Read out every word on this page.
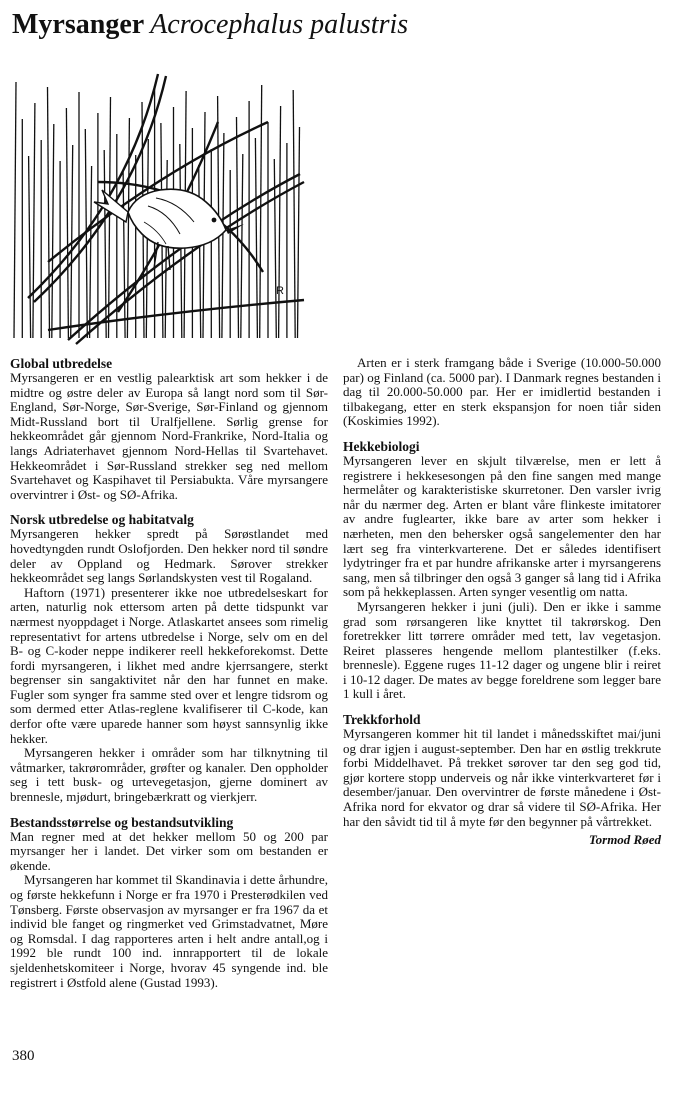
Myrsanger Acrocephalus palustris
R
Global utbredelse

Myrsangeren er en vestlig palearktisk art som hekker i de midtre og østre deler av Europa så langt nord som til Sør-England, Sør-Norge, Sør-Sverige, Sør-Finland og gjennom Midt-Russland bort til Uralfjellene. Sørlig grense for hekkeområdet går gjennom Nord-Frankrike, Nord-Italia og langs Adriaterhavet gjennom Nord-Hellas til Svartehavet. Hekkeområdet i Sør-Russland strekker seg ned mellom Svartehavet og Kaspihavet til Persiabukta. Våre myrsangere overvintrer i Øst- og SØ-Afrika.

Norsk utbredelse og habitatvalg

Myrsangeren hekker spredt på Sørøstlandet med hovedtyngden rundt Oslofjorden. Den hekker nord til søndre deler av Oppland og Hedmark. Sørover strekker hekkeområdet seg langs Sørlandskysten vest til Rogaland.

Haftorn (1971) presenterer ikke noe utbredelseskart for arten, naturlig nok ettersom arten på dette tidspunkt var nærmest nyoppdaget i Norge. Atlaskartet ansees som rimelig representativt for artens utbredelse i Norge, selv om en del B- og C-koder neppe indikerer reell hekkeforekomst. Dette fordi myrsangeren, i likhet med andre kjerrsangere, sterkt begrenser sin sangaktivitet når den har funnet en make. Fugler som synger fra samme sted over et lengre tidsrom og som dermed etter Atlas-reglene kvalifiserer til C-kode, kan derfor ofte være uparede hanner som høyst sannsynlig ikke hekker.

Myrsangeren hekker i områder som har tilknytning til våtmarker, takrørområder, grøfter og kanaler. Den oppholder seg i tett busk- og urtevegetasjon, gjerne dominert av brennesle, mjødurt, bringebærkratt og vierkjerr.

Bestandsstørrelse og bestandsutvikling

Man regner med at det hekker mellom 50 og 200 par myrsanger her i landet. Det virker som om bestanden er økende.

Myrsangeren har kommet til Skandinavia i dette århundre, og første hekkefunn i Norge er fra 1970 i Presterødkilen ved Tønsberg. Første observasjon av myrsanger er fra 1967 da et individ ble fanget og ringmerket ved Grimstadvatnet, Møre og Romsdal. I dag rapporteres arten i helt andre antall,og i 1992 ble rundt 100 ind. innrapportert til de lokale sjeldenhetskomiteer i Norge, hvorav 45 syngende ind. ble registrert i Østfold alene (Gustad 1993).

Arten er i sterk framgang både i Sverige (10.000-50.000 par) og Finland (ca. 5000 par). I Danmark regnes bestanden i dag til 20.000-50.000 par. Her er imidlertid bestanden i tilbakegang, etter en sterk ekspansjon for noen tiår siden (Koskimies 1992).

Hekkebiologi

Myrsangeren lever en skjult tilværelse, men er lett å registrere i hekkesesongen på den fine sangen med mange hermelåter og karakteristiske skurretoner. Den varsler ivrig når du nærmer deg. Arten er blant våre flinkeste imitatorer av andre fuglearter, ikke bare av arter som hekker i nærheten, men den behersker også sangelementer den har lært seg fra vinterkvarterene. Det er således identifisert lydytringer fra et par hundre afrikanske arter i myrsangerens sang, men så tilbringer den også 3 ganger så lang tid i Afrika som på hekkeplassen. Arten synger vesentlig om natta.

Myrsangeren hekker i juni (juli). Den er ikke i samme grad som rørsangeren like knyttet til takrørskog. Den foretrekker litt tørrere områder med tett, lav vegetasjon. Reiret plasseres hengende mellom plantestilker (f.eks. brennesle). Eggene ruges 11-12 dager og ungene blir i reiret i 10-12 dager. De mates av begge foreldrene som legger bare 1 kull i året.

Trekkforhold

Myrsangeren kommer hit til landet i månedsskiftet mai/juni og drar igjen i august-september. Den har en østlig trekkrute forbi Middelhavet. På trekket sørover tar den seg god tid, gjør kortere stopp underveis og når ikke vinterkvarteret før i desember/januar. Den overvintrer de første månedene i Øst-Afrika nord for ekvator og drar så videre til SØ-Afrika. Her har den såvidt tid til å myte før den begynner på vårtrekket.

Tormod Røed
380
